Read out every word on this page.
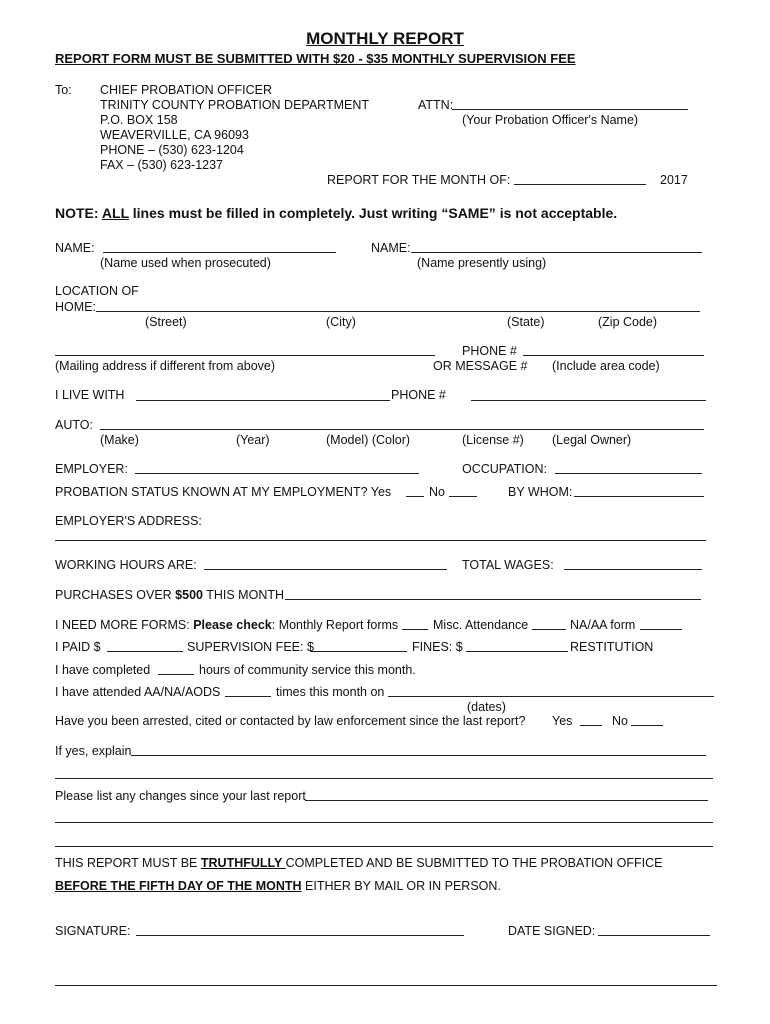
MONTHLY REPORT
REPORT FORM MUST BE SUBMITTED WITH $20 - $35 MONTHLY SUPERVISION FEE
To: CHIEF PROBATION OFFICER
TRINITY COUNTY PROBATION DEPARTMENT
P.O. BOX 158
WEAVERVILLE, CA 96093
PHONE – (530) 623-1204
FAX – (530) 623-1237
ATTN:
(Your Probation Officer's Name)
REPORT FOR THE MONTH OF:	2017
NOTE: ALL lines must be filled in completely. Just writing “SAME” is not acceptable.
NAME:
(Name used when prosecuted)
NAME:
(Name presently using)
LOCATION OF
HOME:
(Street)	(City)	(State)	(Zip Code)
(Mailing address if different from above)
PHONE #
OR MESSAGE # (Include area code)
I LIVE WITH	PHONE #
AUTO:
(Make)	(Year)	(Model) (Color)	(License #) (Legal Owner)
EMPLOYER:	OCCUPATION:
PROBATION STATUS KNOWN AT MY EMPLOYMENT? Yes	No	BY WHOM:
EMPLOYER'S ADDRESS:
WORKING HOURS ARE:	TOTAL WAGES:
PURCHASES OVER $500 THIS MONTH
I NEED MORE FORMS: Please check: Monthly Report forms	Misc. Attendance	NA/AA form
I PAID $	SUPERVISION FEE: $	FINES: $	RESTITUTION
I have completed	hours of community service this month.
I have attended AA/NA/AODS	times this month on
(dates)
Have you been arrested, cited or contacted by law enforcement since the last report? Yes	No
If yes, explain
Please list any changes since your last report
THIS REPORT MUST BE TRUTHFULLY COMPLETED AND BE SUBMITTED TO THE PROBATION OFFICE
BEFORE THE FIFTH DAY OF THE MONTH EITHER BY MAIL OR IN PERSON.
SIGNATURE:	DATE SIGNED:
